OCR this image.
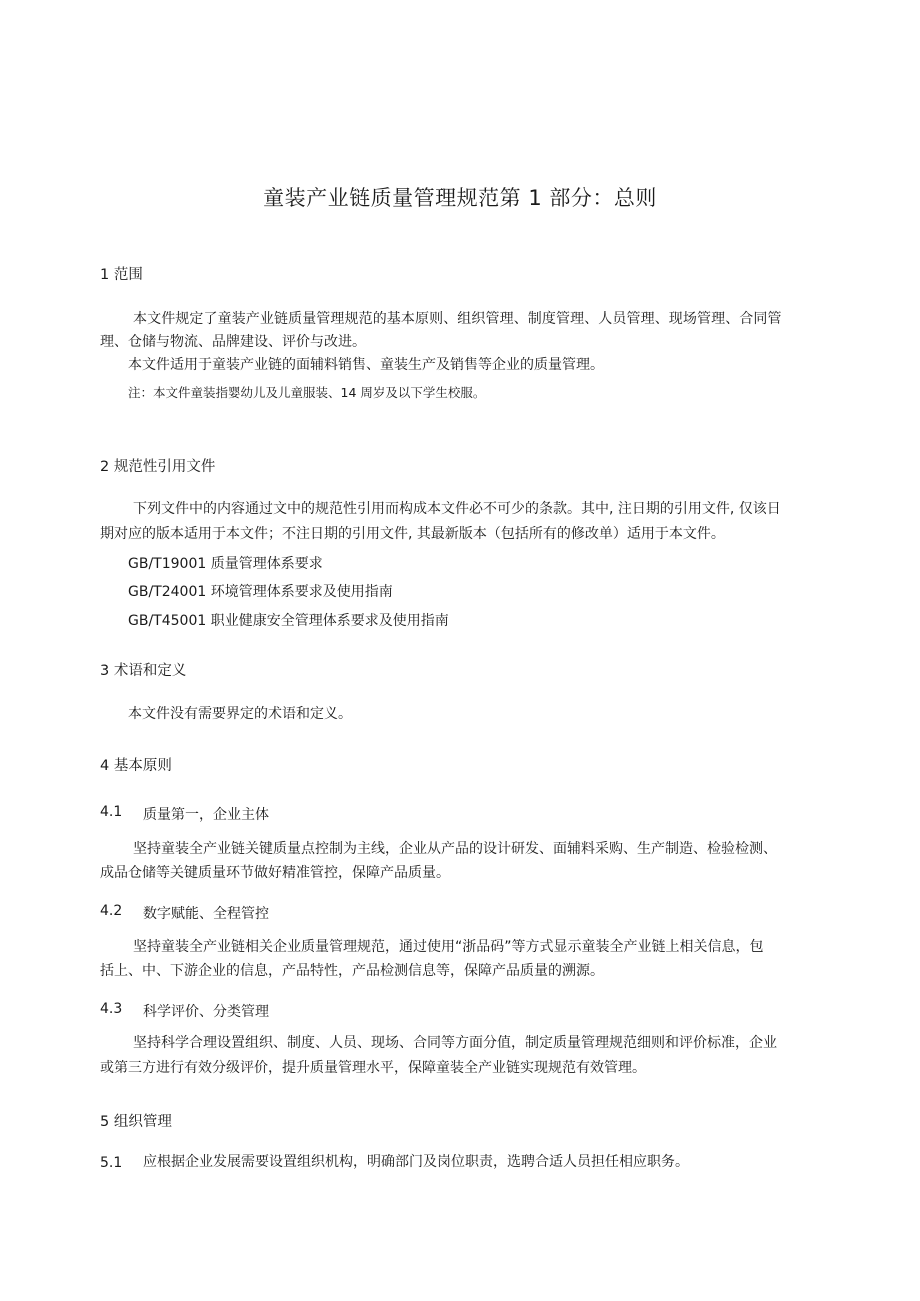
童装产业链质量管理规范第 1 部分：总则
1 范围
本文件规定了童装产业链质量管理规范的基本原则、组织管理、制度管理、人员管理、现场管理、合同管
理、仓储与物流、品牌建设、评价与改进。
本文件适用于童装产业链的面辅料销售、童装生产及销售等企业的质量管理。
注：本文件童装指婴幼儿及儿童服装、14 周岁及以下学生校服。
2 规范性引用文件
下列文件中的内容通过文中的规范性引用而构成本文件必不可少的条款。其中, 注日期的引用文件, 仅该日
期对应的版本适用于本文件；不注日期的引用文件, 其最新版本（包括所有的修改单）适用于本文件。
GB/T19001 质量管理体系要求
GB/T24001 环境管理体系要求及使用指南
GB/T45001 职业健康安全管理体系要求及使用指南
3 术语和定义
本文件没有需要界定的术语和定义。
4 基本原则
4.1 质量第一，企业主体
坚持童装全产业链关键质量点控制为主线，企业从产品的设计研发、面辅料采购、生产制造、检验检测、
成品仓储等关键质量环节做好精准管控，保障产品质量。
4.2 数字赋能、全程管控
坚持童装全产业链相关企业质量管理规范，通过使用“浙品码”等方式显示童装全产业链上相关信息，包
括上、中、下游企业的信息，产品特性，产品检测信息等，保障产品质量的溯源。
4.3 科学评价、分类管理
坚持科学合理设置组织、制度、人员、现场、合同等方面分值，制定质量管理规范细则和评价标准，企业
或第三方进行有效分级评价，提升质量管理水平，保障童装全产业链实现规范有效管理。
5 组织管理
5.1 应根据企业发展需要设置组织机构，明确部门及岗位职责，选聘合适人员担任相应职务。
